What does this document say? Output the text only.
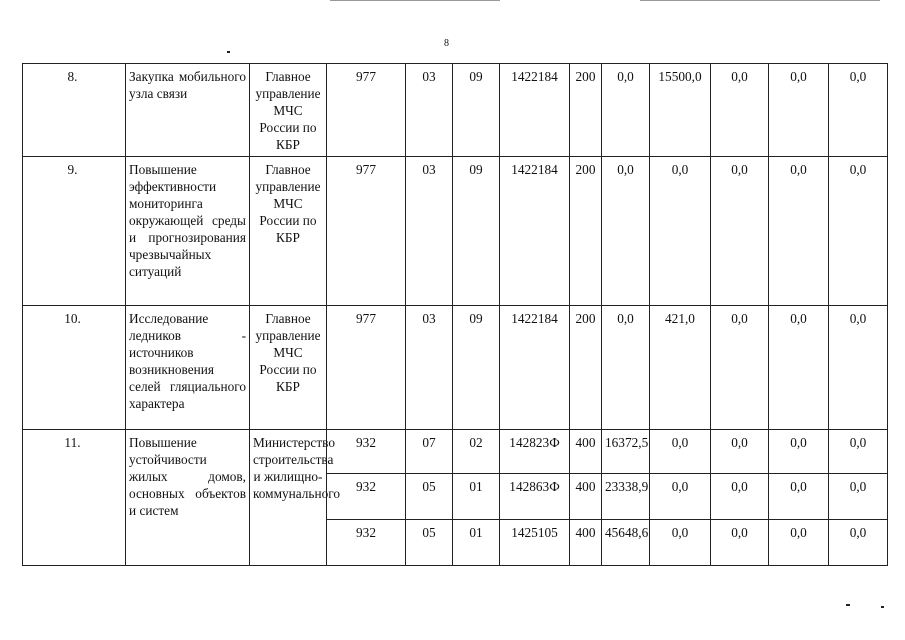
8
8.	Закупка мобильного узла связи	Главное управление МЧС России по КБР	977	03	09	1422184	200	0,0	15500,0	0,0	0,0	0,0
9.	Повышение эффективности мониторинга окружающей среды и прогнозирования чрезвычайных ситуаций	Главное управление МЧС России по КБР	977	03	09	1422184	200	0,0	0,0	0,0	0,0	0,0
10.	Исследование ледников - источников возникновения селей гляциального характера	Главное управление МЧС России по КБР	977	03	09	1422184	200	0,0	421,0	0,0	0,0	0,0
11.	Повышение устойчивости жилых домов, основных объектов и систем	Министерство строительства и жилищно-коммунального	932	07	02	142823Ф	400	16372,5	0,0	0,0	0,0	0,0
			932	05	01	142863Ф	400	23338,9	0,0	0,0	0,0	0,0
			932	05	01	1425105	400	45648,6	0,0	0,0	0,0	0,0
